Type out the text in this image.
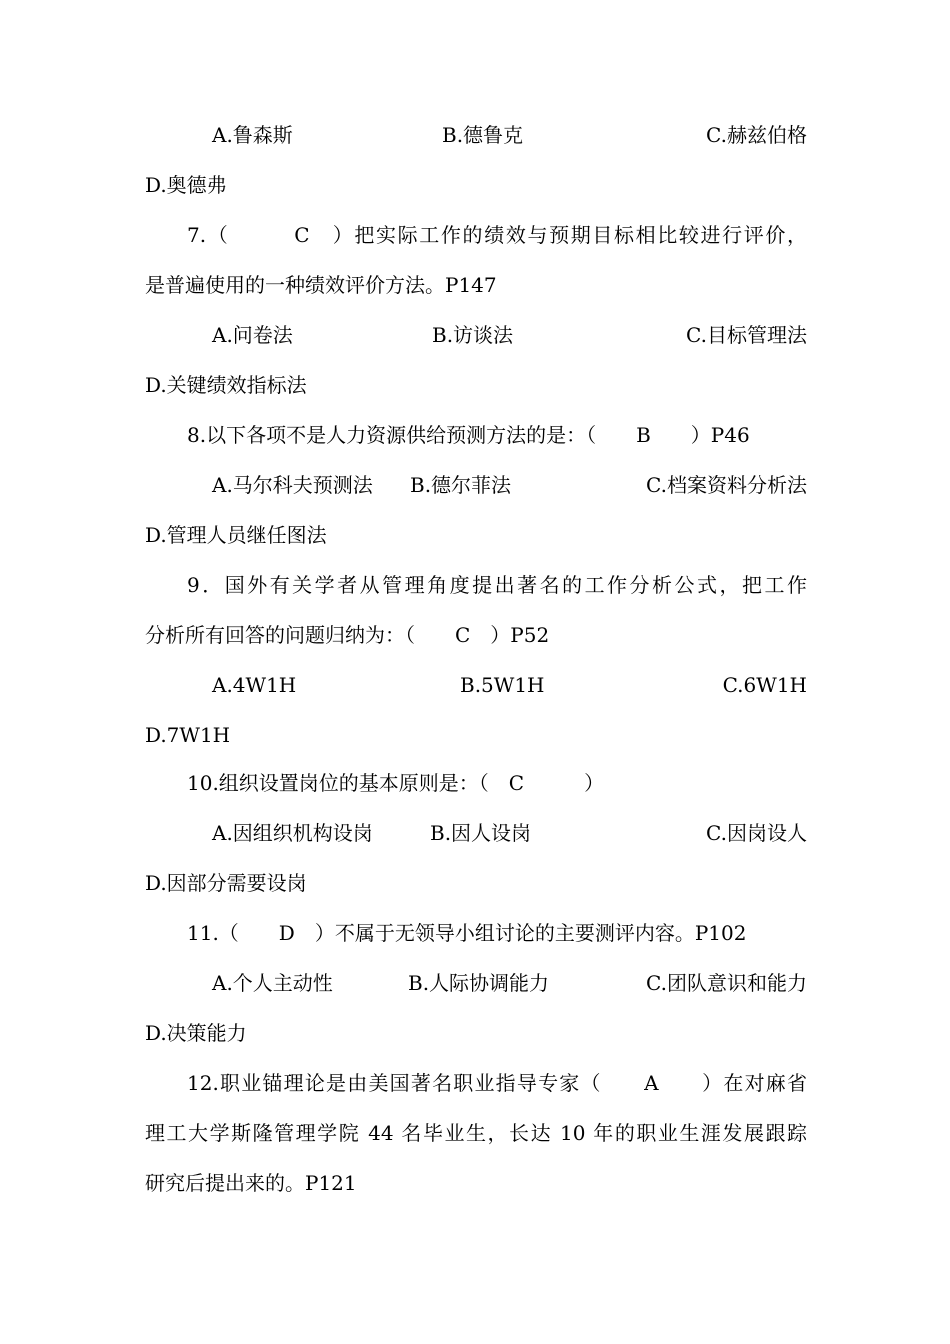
A.鲁森斯	B.德鲁克	C.赫兹伯格
D.奥德弗
7.（　　　C　）把实际工作的绩效与预期目标相比较进行评价，
是普遍使用的一种绩效评价方法。P147
A.问卷法	B.访谈法	C.目标管理法
D.关键绩效指标法
8.以下各项不是人力资源供给预测方法的是：（　　B　　）P46
A.马尔科夫预测法 B.德尔菲法	C.档案资料分析法
D.管理人员继任图法
9．国外有关学者从管理角度提出著名的工作分析公式，把工作
分析所有回答的问题归纳为：（　　C　）P52
A.4W1H	B.5W1H	C.6W1H
D.7W1H
10.组织设置岗位的基本原则是：（　C　　　）
A.因组织机构设岗	B.因人设岗	C.因岗设人
D.因部分需要设岗
11.（　　D　）不属于无领导小组讨论的主要测评内容。P102
A.个人主动性	B.人际协调能力	C.团队意识和能力
D.决策能力
12.职业锚理论是由美国著名职业指导专家（　　A　　）在对麻省
理工大学斯隆管理学院 44 名毕业生，长达 10 年的职业生涯发展跟踪
研究后提出来的。P121
